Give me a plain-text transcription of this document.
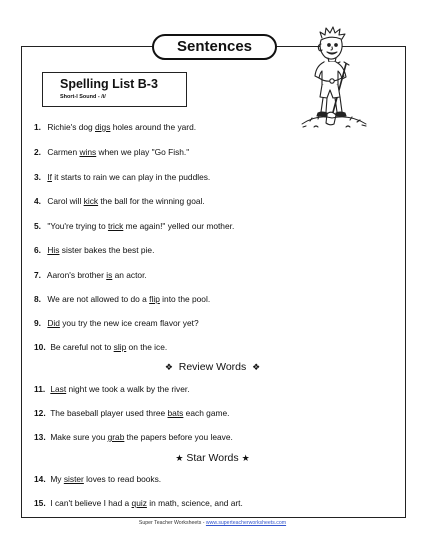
Sentences
Spelling List B-3
Short-I Sound - /i/
1. Richie's dog digs holes around the yard.
2. Carmen wins when we play "Go Fish."
3. If it starts to rain we can play in the puddles.
4. Carol will kick the ball for the winning goal.
5. "You're trying to trick me again!" yelled our mother.
6. His sister bakes the best pie.
7. Aaron's brother is an actor.
8. We are not allowed to do a flip into the pool.
9. Did you try the new ice cream flavor yet?
10. Be careful not to slip on the ice.
❖ Review Words ❖
11. Last night we took a walk by the river.
12. The baseball player used three bats each game.
13. Make sure you grab the papers before you leave.
★ Star Words ★
14. My sister loves to read books.
15. I can't believe I had a quiz in math, science, and art.
Super Teacher Worksheets - www.superteacherworksheets.com
